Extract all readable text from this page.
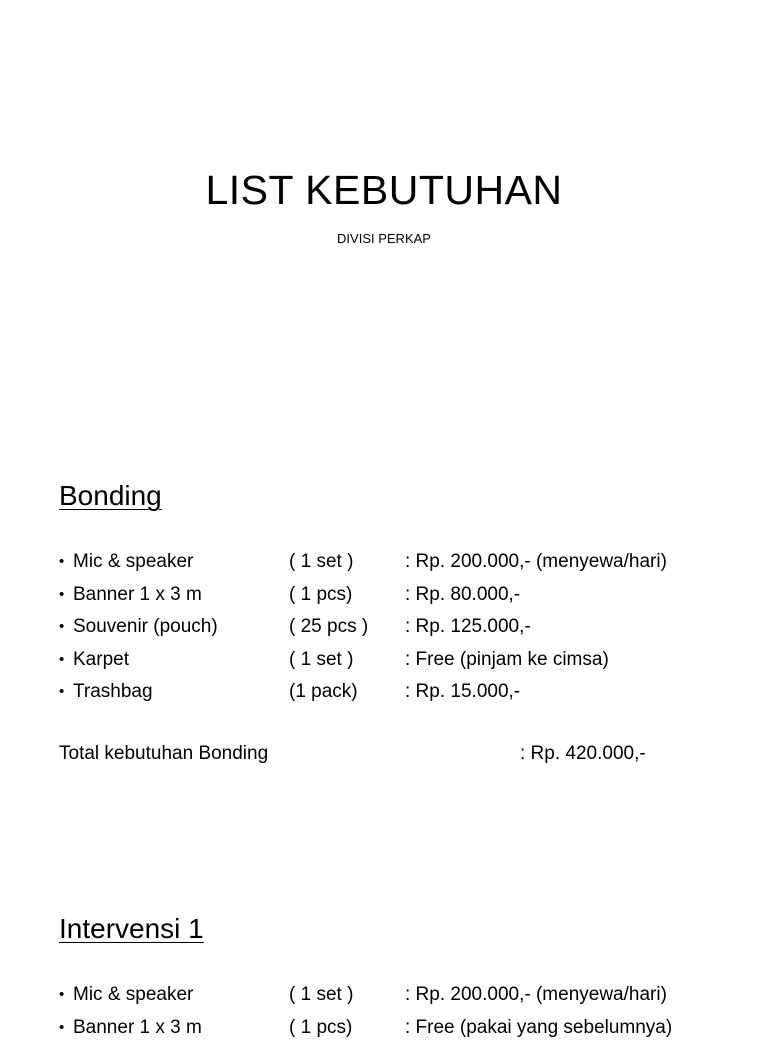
LIST KEBUTUHAN
DIVISI PERKAP
Bonding
• Mic & speaker	( 1 set )	: Rp. 200.000,- (menyewa/hari)
• Banner 1 x 3 m	( 1 pcs)	: Rp. 80.000,-
• Souvenir (pouch)	( 25 pcs ) : Rp. 125.000,-
• Karpet	( 1 set )	: Free (pinjam ke cimsa)
• Trashbag	(1 pack) : Rp. 15.000,-
Total kebutuhan Bonding	: Rp. 420.000,-
Intervensi 1
• Mic & speaker	( 1 set )	: Rp. 200.000,- (menyewa/hari)
• Banner 1 x 3 m	( 1 pcs)	: Free (pakai yang sebelumnya)
